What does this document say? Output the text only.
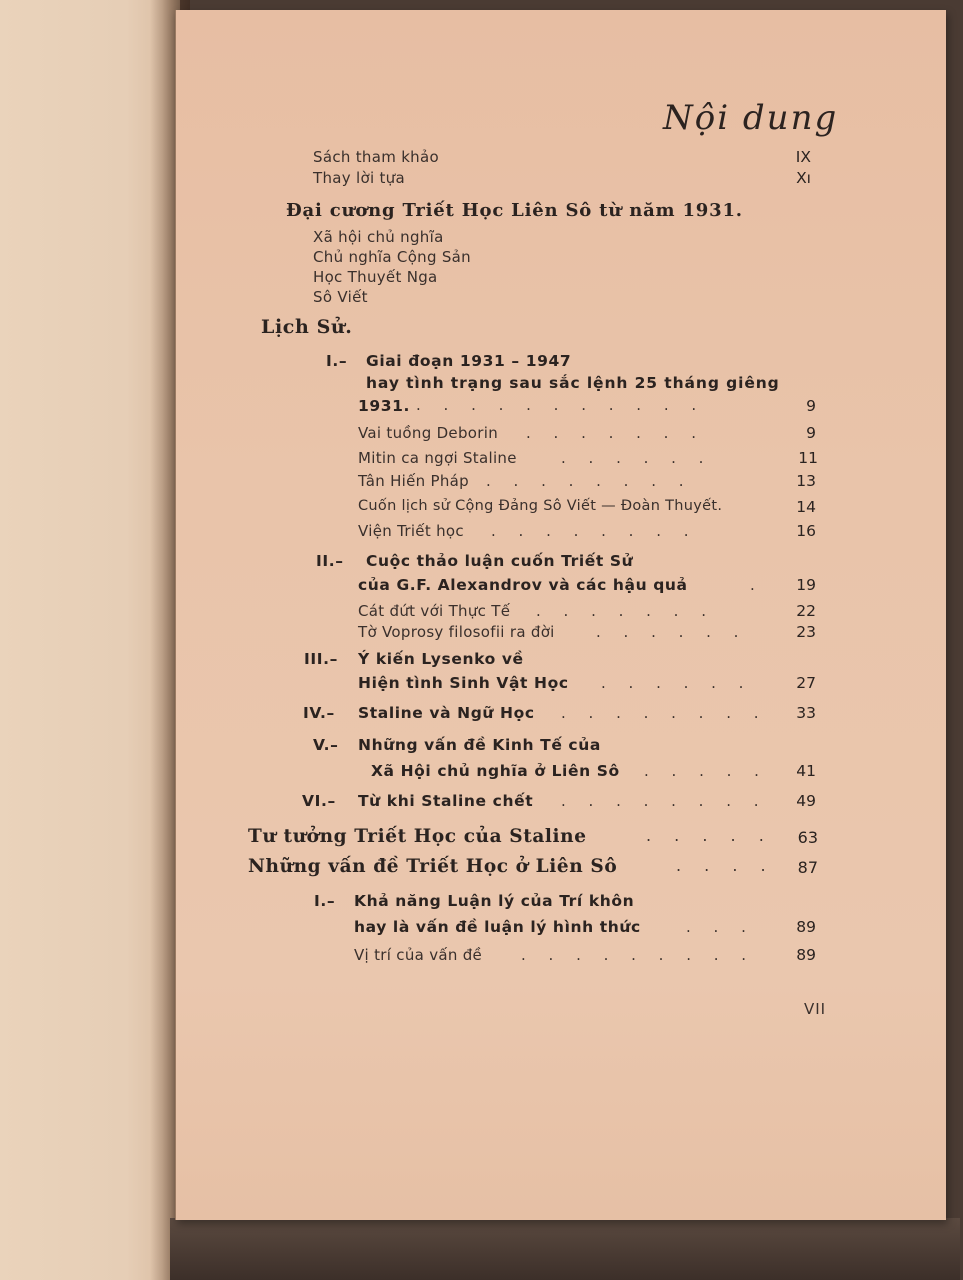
Nội dung
Sách tham khảo	IX
Thay lời tựa	Xı
Đại cương Triết Học Liên Sô từ năm 1931.
Xã hội chủ nghĩa
Chủ nghĩa Cộng Sản
Học Thuyết Nga
Sô Viết
Lịch Sử.
I.– Giai đoạn 1931 – 1947
hay tình trạng sau sắc lệnh 25 tháng giêng
1931. . . . . . . . . . . .	9
Vai tuồng Deborin . . . . . . .	9
Mitin ca ngợi Staline	. . . . . .	11
Tân Hiến Pháp . . . . . . . .	13
Cuốn lịch sử Cộng Đảng Sô Viết — Đoàn Thuyết.	14
Viện Triết học . . . . . . . .	16
II.– Cuộc thảo luận cuốn Triết Sử
của G.F. Alexandrov và các hậu quả	.	19
Cát đứt với Thực Tế . . . . . . .	22
Tờ Voprosy filosofii ra đời	. . . . . .	23
III.– Ý kiến Lysenko về
Hiện tình Sinh Vật Học . . . . . .	27
IV.– Staline và Ngữ Học . . . . . . . .	33
V.– Những vấn đề Kinh Tế của
Xã Hội chủ nghĩa ở Liên Sô . . . . .	41
VI.– Từ khi Staline chết . . . . . . . .	49
Tư tưởng Triết Học của Staline	. . . . .	63
Những vấn đề Triết Học ở Liên Sô	. . . .	87
I.– Khả năng Luận lý của Trí khôn
hay là vấn đề luận lý hình thức	. . .	89
Vị trí của vấn đề	. . . . . . . . .	89
VII
